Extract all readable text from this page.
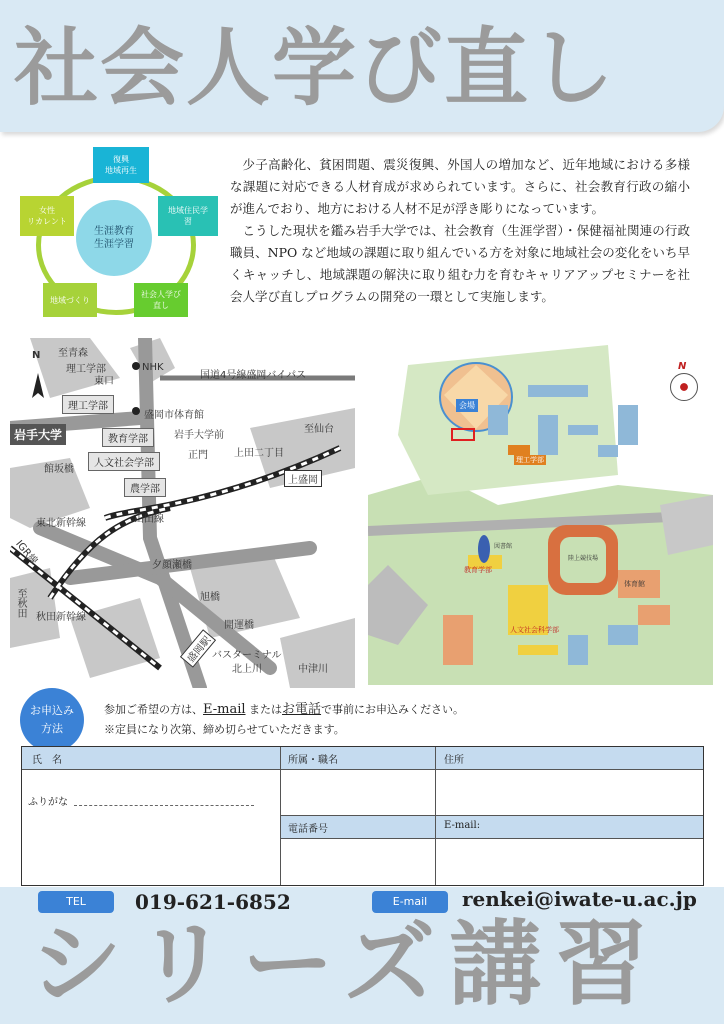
社会人学び直し
生涯教育
生涯学習
復興
地域再生
地域住民学
習
社会人学び
直し
地域づくり
女性
リカレント

少子高齢化、貧困問題、震災復興、外国人の増加など、近年地域における多様な課題に対応できる人材育成が求められています。さらに、社会教育行政の縮小が進んでおり、地方における人材不足が浮き彫りになっています。

こうした現状を鑑み岩手大学では、社会教育（生涯学習）・保健福祉関連の行政職員、NPO など地域の課題に取り組んでいる方を対象に地域社会の変化をいち早くキャッチし、地域課題の解決に取り組む力を育むキャリアアップセミナーを社会人学び直しプログラムの開発の一環として実施します。

N 至青森
NHK
国道4号線盛岡バイパス
理工学部
東口
理工学部
盛岡市体育館
至仙台
岩手大学	教育学部	岩手大学前
正門	上田二丁目
館坂橋
人文社会学部
農学部
上盛岡
東北新幹線	山田線
夕顔瀬橋
IGR線
至秋田 秋田新幹線
旭橋
開運橋
盛岡駅
バスターミナル
北上川	中津川
会場
N
理工学部
教育学部
人文社会科学部
陸上競技場
体育館
図書館
お申込み
方法
参加ご希望の方は、E-mail またはお電話で事前にお申込みください。
※定員になり次第、締め切らせていただきます。
氏　名	所属・職名	住所
ふりがな
電話番号	E-mail:
TEL	019-621-6852	E-mail	renkei@iwate-u.ac.jp
シリーズ講習
